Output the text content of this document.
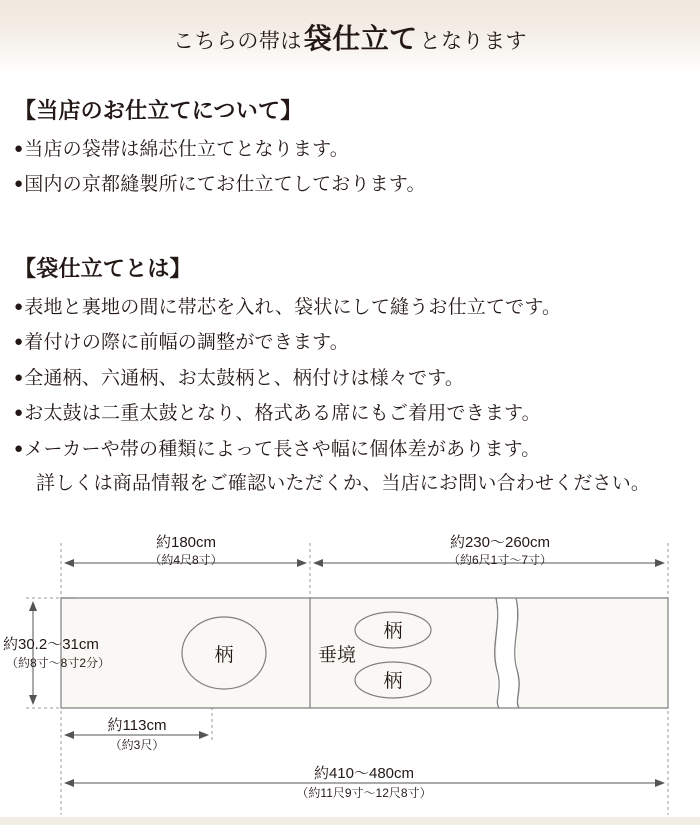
こちらの帯は 袋仕立て となります
【当店のお仕立てについて】
●当店の袋帯は綿芯仕立てとなります。
●国内の京都縫製所にてお仕立てしております。
【袋仕立てとは】
●表地と裏地の間に帯芯を入れ、袋状にして縫うお仕立てです。
●着付けの際に前幅の調整ができます。
●全通柄、六通柄、お太鼓柄と、柄付けは様々です。
●お太鼓は二重太鼓となり、格式ある席にもご着用できます。
●メーカーや帯の種類によって長さや幅に個体差があります。
詳しくは商品情報をご確認いただくか、当店にお問い合わせください。
約180cm
（約4尺8寸）
約230〜260cm
（約6尺1寸〜7寸）
柄	垂境
柄
柄
約30.2〜31cm
（約8寸〜8寸2分）
約113cm
（約3尺）
約410〜480cm
（約11尺9寸〜12尺8寸）
